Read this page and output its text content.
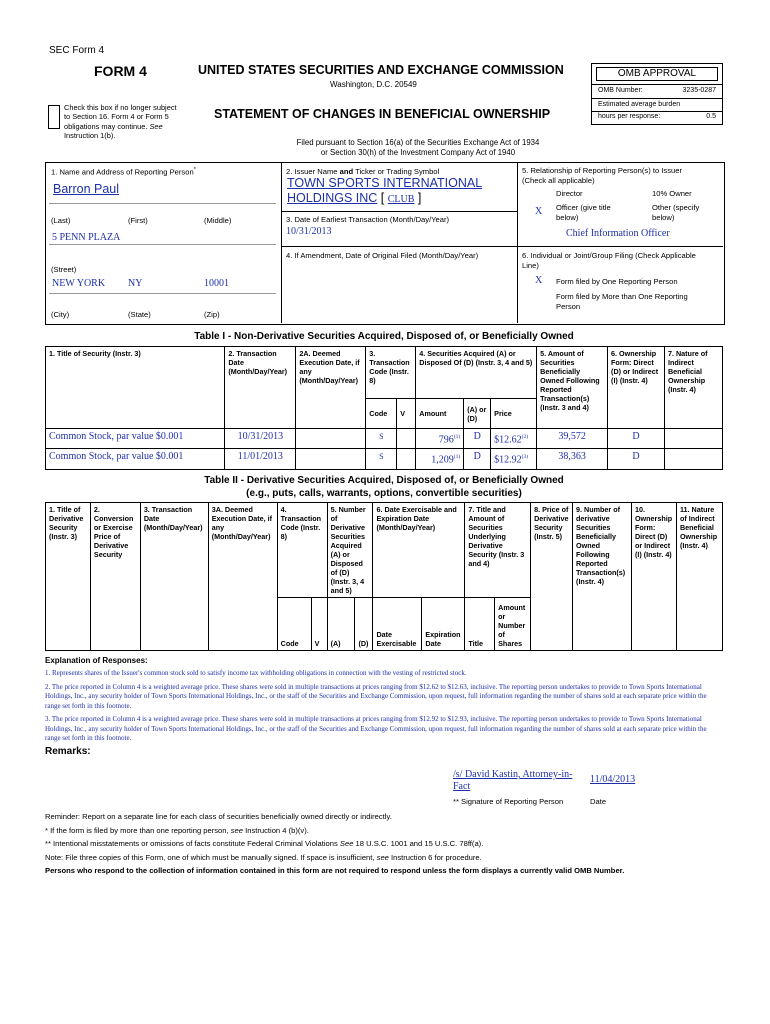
SEC Form 4
FORM 4	UNITED STATES SECURITIES AND EXCHANGE COMMISSION
Washington, D.C. 20549
STATEMENT OF CHANGES IN BENEFICIAL OWNERSHIP
Check this box if no longer subject
to Section 16. Form 4 or Form 5
obligations may continue. See
Instruction 1(b).
Filed pursuant to Section 16(a) of the Securities Exchange Act of 1934
or Section 30(h) of the Investment Company Act of 1940
OMB APPROVAL
OMB Number:	3235-0287
Estimated average burden
hours per response:	0.5
1. Name and Address of Reporting Person*
Barron Paul
(Last)	(First)	(Middle)
5 PENN PLAZA
(Street)
NEW YORK NY	10001
(City)	(State)	(Zip)
2. Issuer Name and Ticker or Trading Symbol
TOWN SPORTS INTERNATIONAL
HOLDINGS INC [ CLUB ]
3. Date of Earliest Transaction (Month/Day/Year)
10/31/2013
4. If Amendment, Date of Original Filed (Month/Day/Year)
5. Relationship of Reporting Person(s) to Issuer
(Check all applicable)
Director	10% Owner
X Officer (give title
below)
Other (specify
below)
Chief Information Officer
6. Individual or Joint/Group Filing (Check Applicable
Line)
X Form filed by One Reporting Person
Form filed by More than One Reporting
Person
Table I - Non-Derivative Securities Acquired, Disposed of, or Beneficially Owned
1. Title of Security (Instr. 3)	2. Transaction Date (Month/Day/Year)	2A. Deemed Execution Date, if any (Month/Day/Year)	3. Transaction Code (Instr. 8)		4. Securities Acquired (A) or Disposed Of (D) (Instr. 3, 4 and 5)			5. Amount of Securities Beneficially Owned Following Reported Transaction(s) (Instr. 3 and 4)	6. Ownership Form: Direct (D) or Indirect (I) (Instr. 4)	7. Nature of Indirect Beneficial Ownership (Instr. 4)
			Code	V	Amount	(A) or (D)	Price			
Common Stock, par value $0.001	10/31/2013		S		796$^{(1)}$	D	$12.62$^{(2)}$	39,572	D	
Common Stock, par value $0.001	11/01/2013		S		1,209$^{(1)}$	D	$12.92$^{(3)}$	38,363	D	
Table II - Derivative Securities Acquired, Disposed of, or Beneficially Owned
(e.g., puts, calls, warrants, options, convertible securities)
1. Title of Derivative Security (Instr. 3)	2. Conversion or Exercise Price of Derivative Security	3. Transaction Date (Month/Day/Year)	3A. Deemed Execution Date, if any (Month/Day/Year)	4. Transaction Code (Instr. 8)		5. Number of Derivative Securities Acquired (A) or Disposed of (D) (Instr. 3, 4 and 5)		6. Date Exercisable and Expiration Date (Month/Day/Year)		7. Title and Amount of Securities Underlying Derivative Security (Instr. 3 and 4)		8. Price of Derivative Security (Instr. 5)	9. Number of derivative Securities Beneficially Owned Following Reported Transaction(s) (Instr. 4)	10. Ownership Form: Direct (D) or Indirect (I) (Instr. 4)	11. Nature of Indirect Beneficial Ownership (Instr. 4)
				Code	V	(A)	(D)	Date Exercisable	Expiration Date	Title	Amount or Number of Shares				
Explanation of Responses:
1. Represents shares of the Issuer's common stock sold to satisfy income tax withholding obligations in connection with the vesting of restricted stock.
2. The price reported in Column 4 is a weighted average price. These shares were sold in multiple transactions at prices ranging from $12.62 to $12.63, inclusive. The reporting person undertakes to provide to Town Sports International Holdings, Inc., any security holder of Town Sports International Holdings, Inc., or the staff of the Securities and Exchange Commission, upon request, full information regarding the number of shares sold at each separate price within the range set forth in this footnote.
3. The price reported in Column 4 is a weighted average price. These shares were sold in multiple transactions at prices ranging from $12.92 to $12.93, inclusive. The reporting person undertakes to provide to Town Sports International Holdings, Inc., any security holder of Town Sports International Holdings, Inc., or the staff of the Securities and Exchange Commission, upon request, full information regarding the number of shares sold at each separate price within the range set forth in this footnote.
Remarks:
/s/ David Kastin, Attorney-in-
Fact
11/04/2013
** Signature of Reporting Person	Date
Reminder: Report on a separate line for each class of securities beneficially owned directly or indirectly.
* If the form is filed by more than one reporting person, see Instruction 4 (b)(v).
** Intentional misstatements or omissions of facts constitute Federal Criminal Violations See 18 U.S.C. 1001 and 15 U.S.C. 78ff(a).
Note: File three copies of this Form, one of which must be manually signed. If space is insufficient, see Instruction 6 for procedure.
Persons who respond to the collection of information contained in this form are not required to respond unless the form displays a currently valid OMB Number.
